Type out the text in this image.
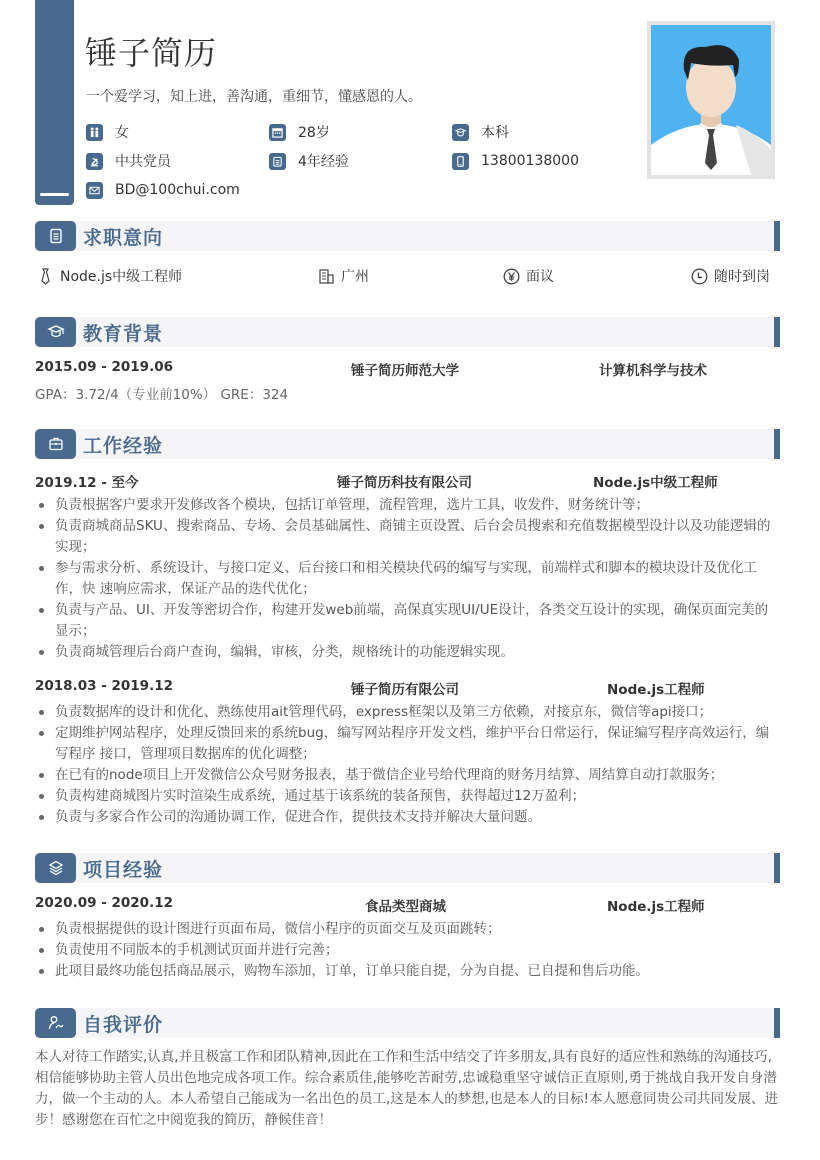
锤子简历
一个爱学习，知上进，善沟通，重细节，懂感恩的人。
女	28岁	本科
中共党员	4年经验	13800138000
BD@100chui.com
求职意向
Node.js中级工程师	广州	面议	随时到岗
教育背景
2015.09 - 2019.06	锤子简历师范大学	计算机科学与技术
GPA：3.72/4（专业前10%） GRE：324
工作经验
2019.12 - 至今	锤子简历科技有限公司	Node.js中级工程师
负责根据客户要求开发修改各个模块，包括订单管理，流程管理，选片工具，收发件，财务统计等；
负责商城商品SKU、搜索商品、专场、会员基础属性、商铺主页设置、后台会员搜索和充值数据模型设计以及功能逻辑的实现；
参与需求分析、系统设计、与接口定义、后台接口和相关模块代码的编写与实现，前端样式和脚本的模块设计及优化工作，快 速响应需求，保证产品的迭代优化；
负责与产品、UI、开发等密切合作，构建开发web前端，高保真实现UI/UE设计，各类交互设计的实现，确保页面完美的显示；
负责商城管理后台商户查询，编辑，审核，分类，规格统计的功能逻辑实现。
2018.03 - 2019.12	锤子简历有限公司	Node.js工程师
负责数据库的设计和优化、熟练使用ait管理代码，express框架以及第三方依赖，对接京东，微信等api接口；
定期维护网站程序，处理反馈回来的系统bug，编写网站程序开发文档，维护平台日常运行，保证编写程序高效运行，编写程序 接口，管理项目数据库的优化调整；
在已有的node项目上开发微信公众号财务报表，基于微信企业号给代理商的财务月结算、周结算自动打款服务；
负责构建商城图片实时渲染生成系统，通过基于该系统的装备预售，获得超过12万盈利；
负责与多家合作公司的沟通协调工作，促进合作，提供技术支持并解决大量问题。
项目经验
2020.09 - 2020.12	食品类型商城	Node.js工程师
负责根据提供的设计图进行页面布局，微信小程序的页面交互及页面跳转；
负责使用不同版本的手机测试页面并进行完善；
此项目最终功能包括商品展示，购物车添加，订单，订单只能自提，分为自提、已自提和售后功能。
自我评价
本人对待工作踏实,认真,并且极富工作和团队精神,因此在工作和生活中结交了许多朋友,具有良好的适应性和熟练的沟通技巧,相信能够协助主管人员出色地完成各项工作。综合素质佳,能够吃苦耐劳,忠诚稳重坚守诚信正直原则,勇于挑战自我开发自身潜力，做一个主动的人。本人希望自己能成为一名出色的员工,这是本人的梦想,也是本人的目标!本人愿意同贵公司共同发展、进步！感谢您在百忙之中阅览我的简历，静候佳音！
